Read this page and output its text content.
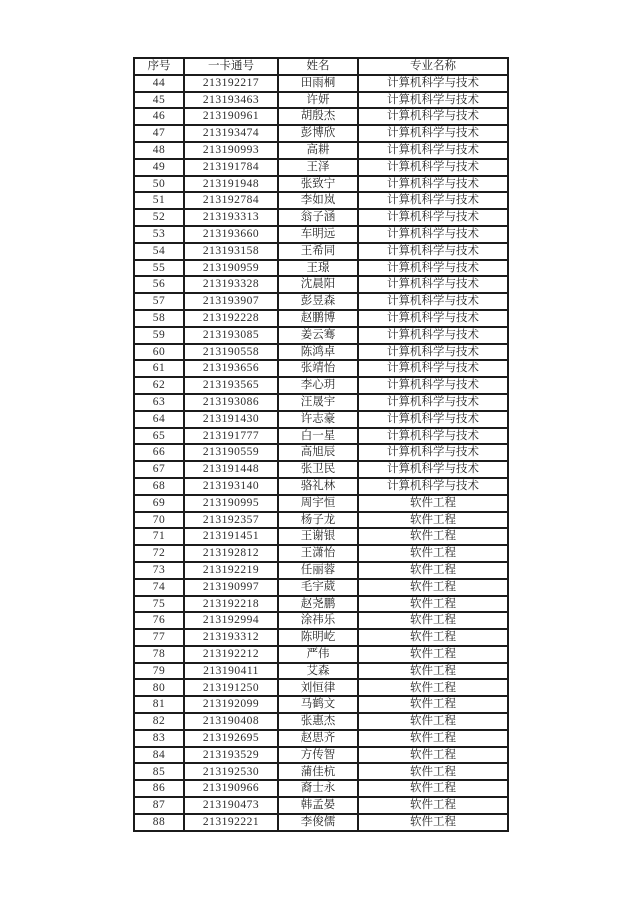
序号	一卡通号	姓名	专业名称
44	213192217	田雨桐	计算机科学与技术
45	213193463	许妍	计算机科学与技术
46	213190961	胡殷杰	计算机科学与技术
47	213193474	彭博欣	计算机科学与技术
48	213190993	高耕	计算机科学与技术
49	213191784	王泽	计算机科学与技术
50	213191948	张致宁	计算机科学与技术
51	213192784	李如岚	计算机科学与技术
52	213193313	翁子涵	计算机科学与技术
53	213193660	车明远	计算机科学与技术
54	213193158	王希同	计算机科学与技术
55	213190959	王璟	计算机科学与技术
56	213193328	沈晨阳	计算机科学与技术
57	213193907	彭昱森	计算机科学与技术
58	213192228	赵鹏博	计算机科学与技术
59	213193085	姜云骞	计算机科学与技术
60	213190558	陈鸿卓	计算机科学与技术
61	213193656	张靖怡	计算机科学与技术
62	213193565	李心玥	计算机科学与技术
63	213193086	汪晟宇	计算机科学与技术
64	213191430	许志豪	计算机科学与技术
65	213191777	白一星	计算机科学与技术
66	213190559	高旭辰	计算机科学与技术
67	213191448	张卫民	计算机科学与技术
68	213193140	骆礼林	计算机科学与技术
69	213190995	周宇恒	软件工程
70	213192357	杨子龙	软件工程
71	213191451	王谢银	软件工程
72	213192812	王潇怡	软件工程
73	213192219	任丽蓉	软件工程
74	213190997	毛宇葳	软件工程
75	213192218	赵尧鹏	软件工程
76	213192994	涂祎乐	软件工程
77	213193312	陈明屹	软件工程
78	213192212	严伟	软件工程
79	213190411	艾森	软件工程
80	213191250	刘恒律	软件工程
81	213192099	马鹤文	软件工程
82	213190408	张惠杰	软件工程
83	213192695	赵思齐	软件工程
84	213193529	方传智	软件工程
85	213192530	蒲佳杭	软件工程
86	213190966	裔士永	软件工程
87	213190473	韩孟晏	软件工程
88	213192221	李俊儒	软件工程
